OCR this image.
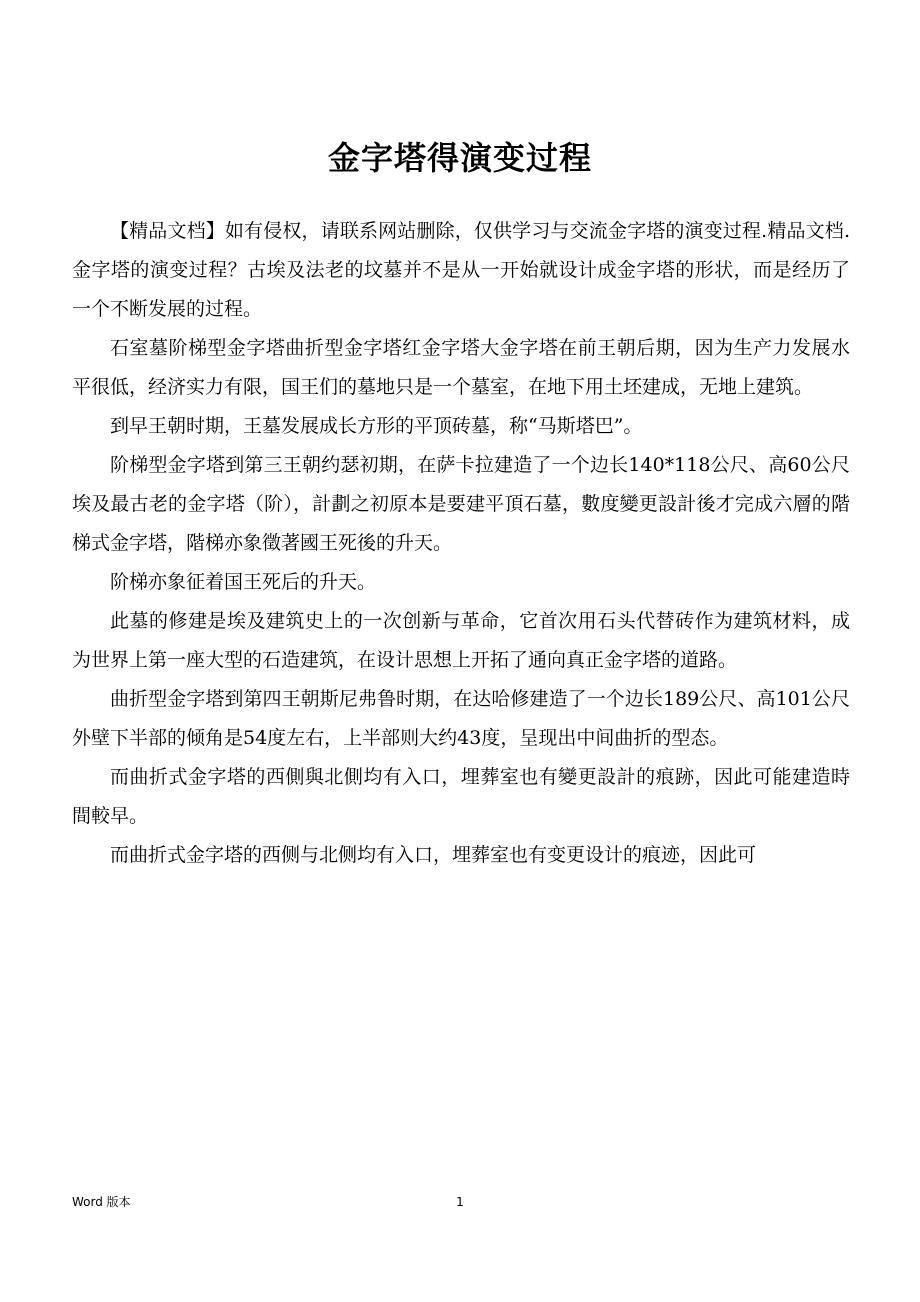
金字塔得演变过程

【精品文档】如有侵权，请联系网站删除，仅供学习与交流金字塔的演变过程.精品文档.金字塔的演变过程？古埃及法老的坟墓并不是从一开始就设计成金字塔的形状，而是经历了一个不断发展的过程。

石室墓阶梯型金字塔曲折型金字塔红金字塔大金字塔在前王朝后期，因为生产力发展水平很低，经济实力有限，国王们的墓地只是一个墓室，在地下用土坯建成，无地上建筑。

到早王朝时期，王墓发展成长方形的平顶砖墓，称“马斯塔巴”。

阶梯型金字塔到第三王朝约瑟初期，在萨卡拉建造了一个边长140*118公尺、高60公尺埃及最古老的金字塔（阶），計劃之初原本是要建平頂石墓，數度變更設計後才完成六層的階梯式金字塔，階梯亦象徵著國王死後的升天。

阶梯亦象征着国王死后的升天。

此墓的修建是埃及建筑史上的一次创新与革命，它首次用石头代替砖作为建筑材料，成为世界上第一座大型的石造建筑，在设计思想上开拓了通向真正金字塔的道路。

曲折型金字塔到第四王朝斯尼弗鲁时期，在达哈修建造了一个边长189公尺、高101公尺外壁下半部的倾角是54度左右，上半部则大约43度，呈现出中间曲折的型态。

而曲折式金字塔的西側與北側均有入口，埋葬室也有變更設計的痕跡，因此可能建造時間較早。

而曲折式金字塔的西侧与北侧均有入口，埋葬室也有变更设计的痕迹，因此可

Word 版本	1
